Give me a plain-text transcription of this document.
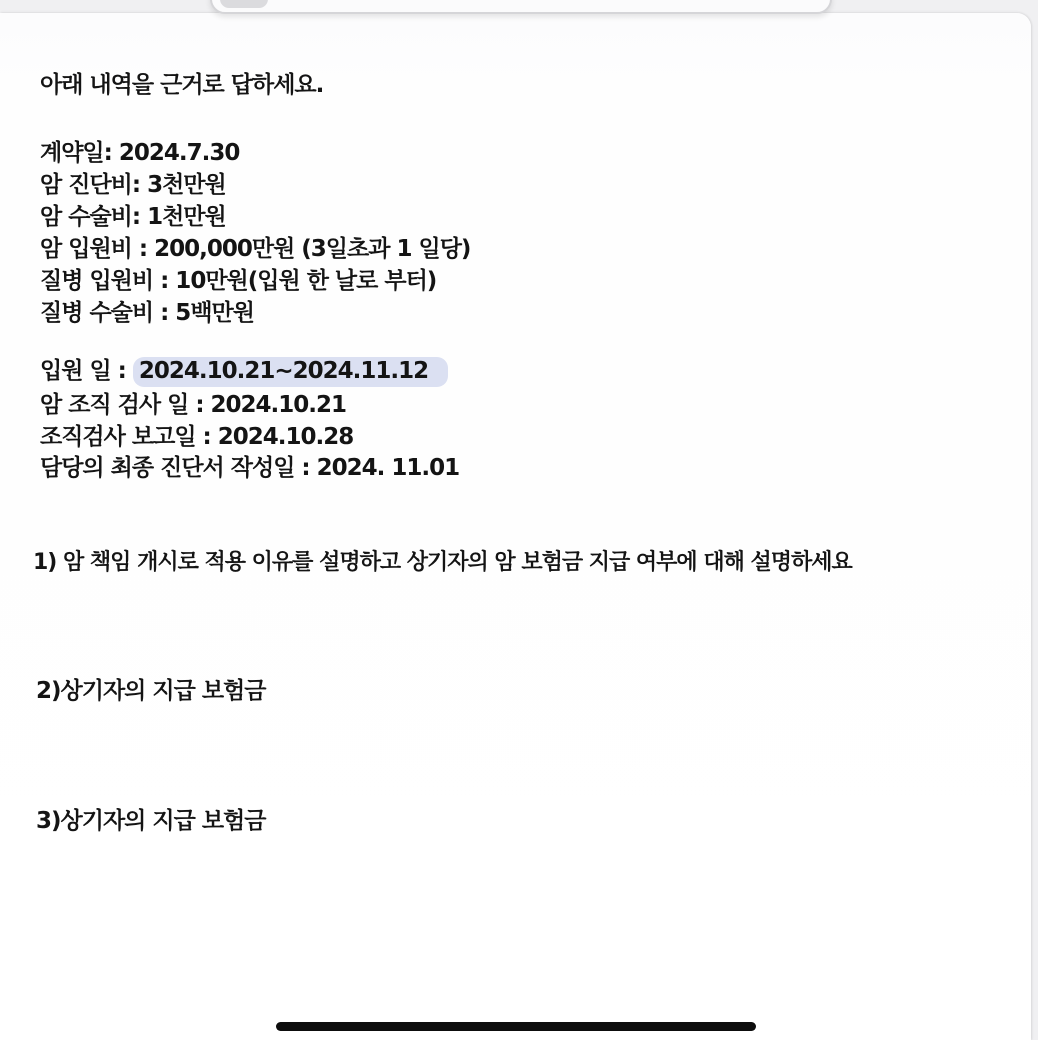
아래 내역을 근거로 답하세요.
계약일: 2024.7.30
암 진단비: 3천만원
암 수술비: 1천만원
암 입원비 : 200,000만원 (3일초과 1 일당)
질병 입원비 : 10만원(입원 한 날로 부터)
질병 수술비 : 5백만원
입원 일 : 2024.10.21~2024.11.12
암 조직 검사 일 : 2024.10.21
조직검사 보고일 : 2024.10.28
담당의 최종 진단서 작성일 : 2024. 11.01
1) 암 책임 개시로 적용 이유를 설명하고 상기자의 암 보험금 지급 여부에 대해 설명하세요
2)상기자의 지급 보험금
3)상기자의 지급 보험금
